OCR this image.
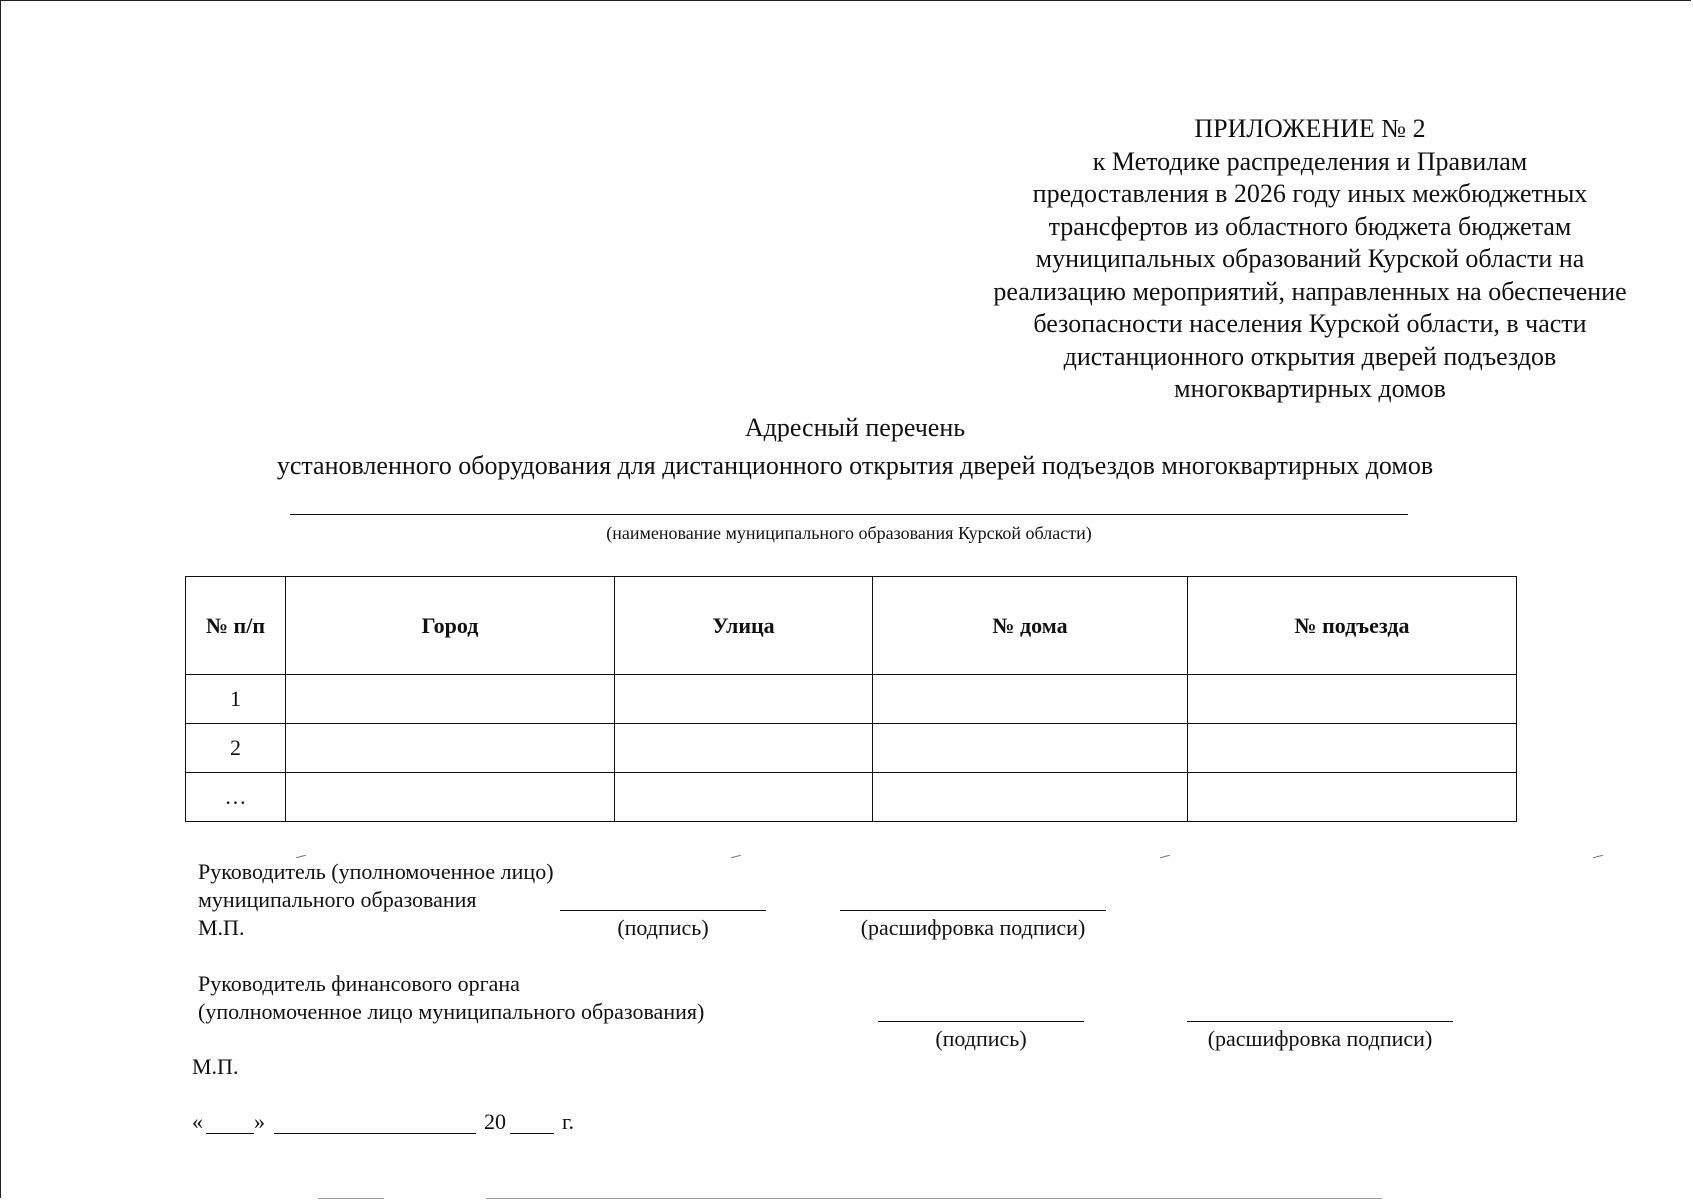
ПРИЛОЖЕНИЕ № 2
к Методике распределения и Правилам
предоставления в 2026 году иных межбюджетных
трансфертов из областного бюджета бюджетам
муниципальных образований Курской области на
реализацию мероприятий, направленных на обеспечение
безопасности населения Курской области, в части
дистанционного открытия дверей подъездов
многоквартирных домов
Адресный перечень
установленного оборудования для дистанционного открытия дверей подъездов многоквартирных домов
(наименование муниципального образования Курской области)
№ п/п	Город	Улица	№ дома	№ подъезда
1				
2				
…				
Руководитель (уполномоченное лицо)
муниципального образования
М.П.	(подпись)	(расшифровка подписи)
Руководитель финансового органа
(уполномоченное лицо муниципального образования)
(подпись)	(расшифровка подписи)
М.П.
« »	20	г.
